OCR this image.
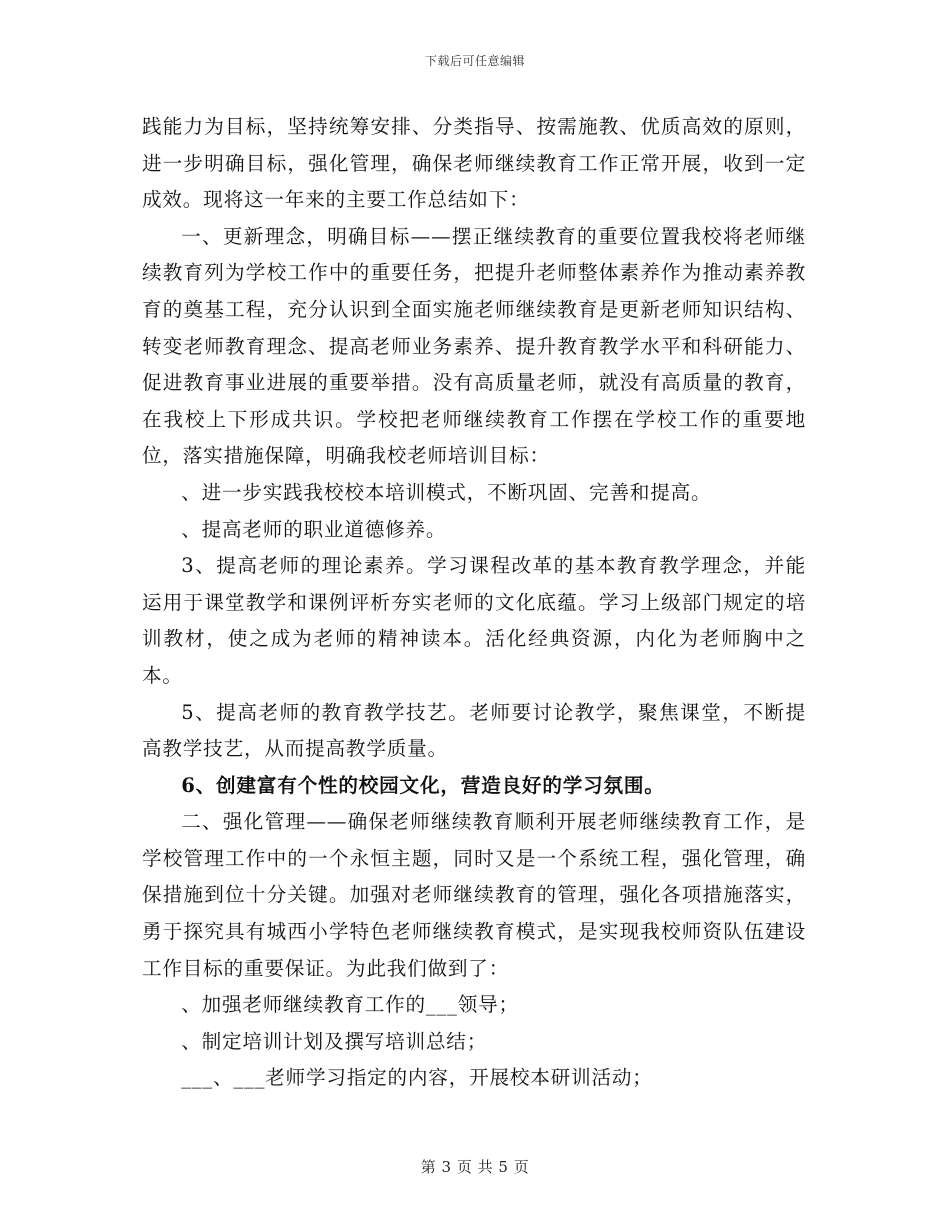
下载后可任意编辑

践能力为目标，坚持统筹安排、分类指导、按需施教、优质高效的原则，进一步明确目标，强化管理，确保老师继续教育工作正常开展，收到一定成效。现将这一年来的主要工作总结如下：

一、更新理念，明确目标——摆正继续教育的重要位置我校将老师继续教育列为学校工作中的重要任务，把提升老师整体素养作为推动素养教育的奠基工程，充分认识到全面实施老师继续教育是更新老师知识结构、转变老师教育理念、提高老师业务素养、提升教育教学水平和科研能力、促进教育事业进展的重要举措。没有高质量老师，就没有高质量的教育，在我校上下形成共识。学校把老师继续教育工作摆在学校工作的重要地位，落实措施保障，明确我校老师培训目标：

、进一步实践我校校本培训模式，不断巩固、完善和提高。

、提高老师的职业道德修养。

3、提高老师的理论素养。学习课程改革的基本教育教学理念，并能运用于课堂教学和课例评析夯实老师的文化底蕴。学习上级部门规定的培训教材，使之成为老师的精神读本。活化经典资源，内化为老师胸中之本。

5、提高老师的教育教学技艺。老师要讨论教学，聚焦课堂，不断提高教学技艺，从而提高教学质量。

6、创建富有个性的校园文化，营造良好的学习氛围。

二、强化管理——确保老师继续教育顺利开展老师继续教育工作，是学校管理工作中的一个永恒主题，同时又是一个系统工程，强化管理，确保措施到位十分关键。加强对老师继续教育的管理，强化各项措施落实，勇于探究具有城西小学特色老师继续教育模式，是实现我校师资队伍建设工作目标的重要保证。为此我们做到了：

、加强老师继续教育工作的___领导；

、制定培训计划及撰写培训总结；

___、___老师学习指定的内容，开展校本研训活动；

第 3 页 共 5 页
